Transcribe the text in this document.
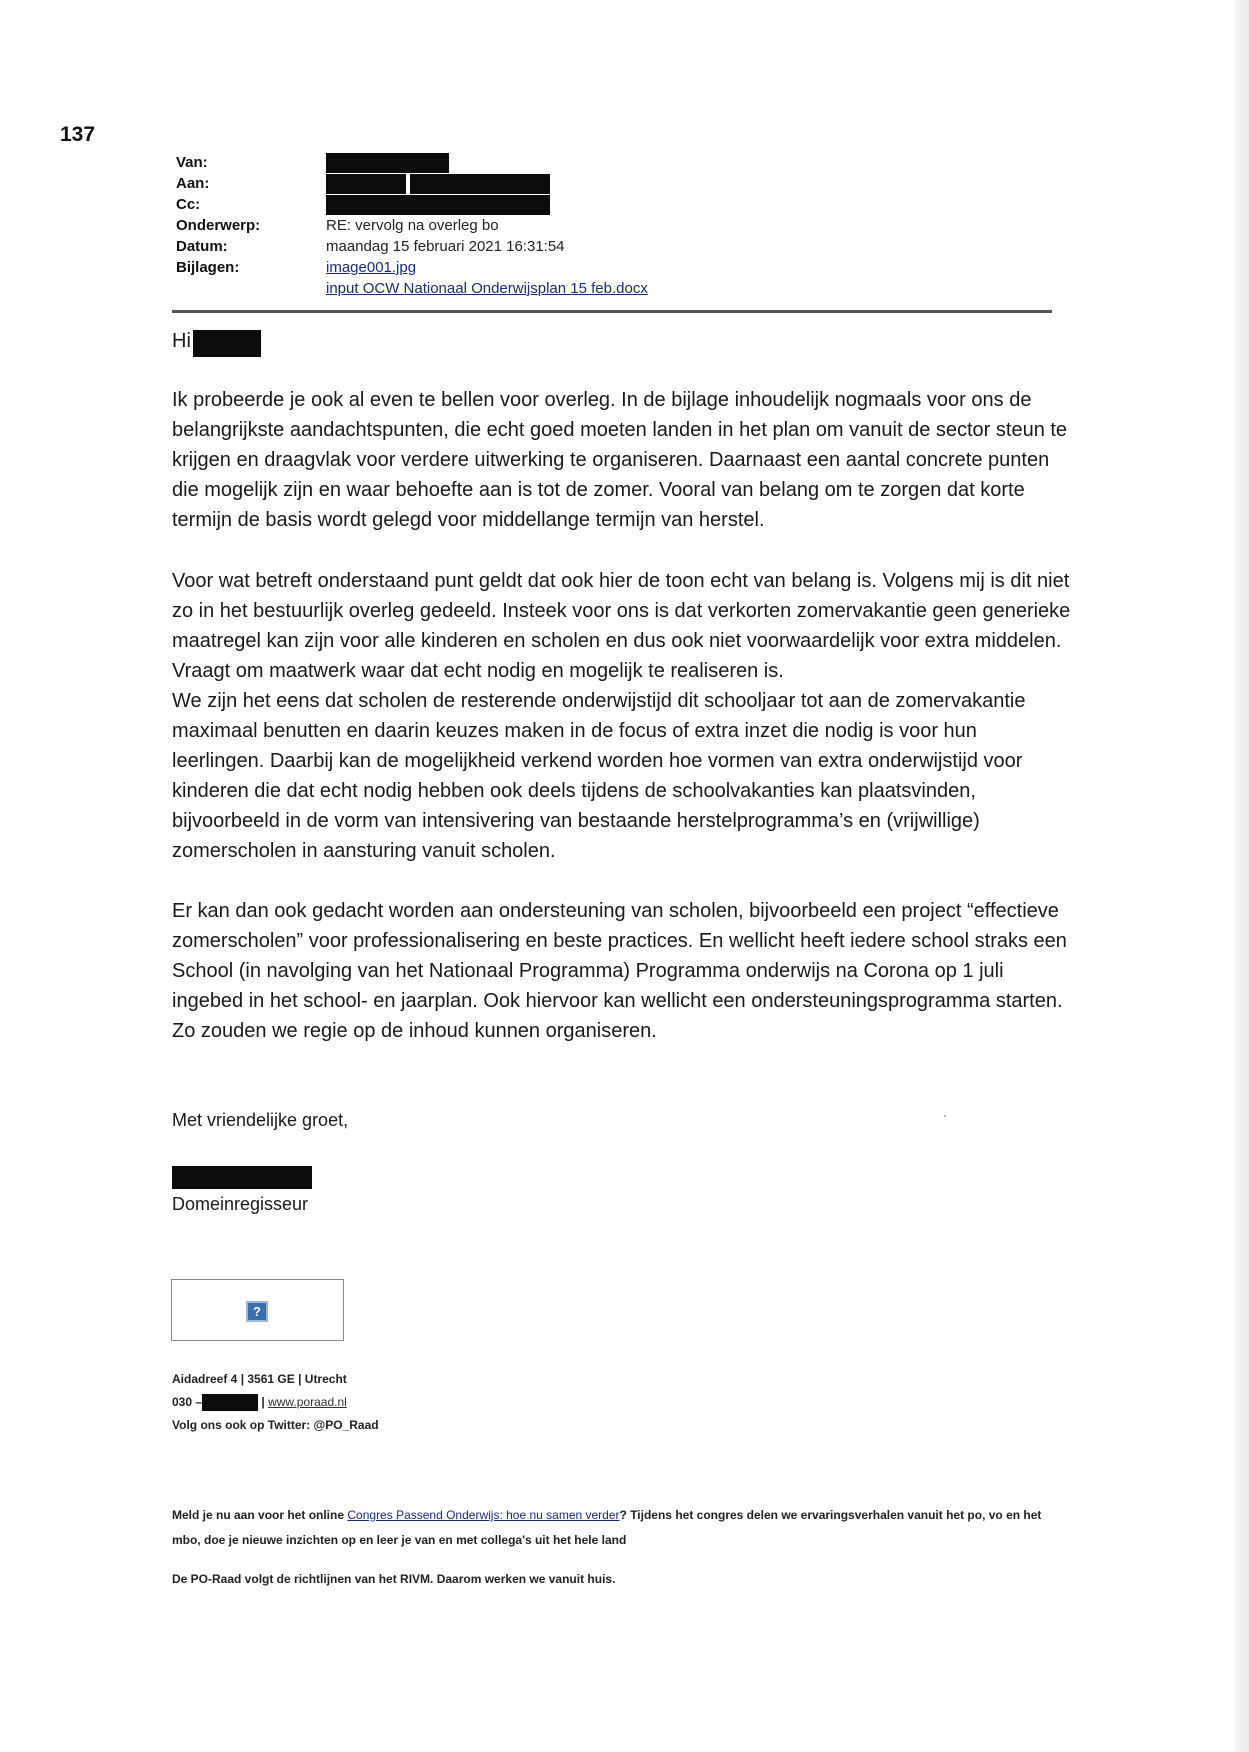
137
Van:
Aan:
Cc:
Onderwerp:	RE: vervolg na overleg bo
Datum:	maandag 15 februari 2021 16:31:54
Bijlagen:	image001.jpg
input OCW Nationaal Onderwijsplan 15 feb.docx
Hi

Ik probeerde je ook al even te bellen voor overleg. In de bijlage inhoudelijk nogmaals voor ons de belangrijkste aandachtspunten, die echt goed moeten landen in het plan om vanuit de sector steun te krijgen en draagvlak voor verdere uitwerking te organiseren. Daarnaast een aantal concrete punten die mogelijk zijn en waar behoefte aan is tot de zomer. Vooral van belang om te zorgen dat korte termijn de basis wordt gelegd voor middellange termijn van herstel.

Voor wat betreft onderstaand punt geldt dat ook hier de toon echt van belang is. Volgens mij is dit niet zo in het bestuurlijk overleg gedeeld. Insteek voor ons is dat verkorten zomervakantie geen generieke maatregel kan zijn voor alle kinderen en scholen en dus ook niet voorwaardelijk voor extra middelen. Vraagt om maatwerk waar dat echt nodig en mogelijk te realiseren is.

We zijn het eens dat scholen de resterende onderwijstijd dit schooljaar tot aan de zomervakantie maximaal benutten en daarin keuzes maken in de focus of extra inzet die nodig is voor hun leerlingen. Daarbij kan de mogelijkheid verkend worden hoe vormen van extra onderwijstijd voor kinderen die dat echt nodig hebben ook deels tijdens de schoolvakanties kan plaatsvinden, bijvoorbeeld in de vorm van intensivering van bestaande herstelprogramma’s en (vrijwillige) zomerscholen in aansturing vanuit scholen.

Er kan dan ook gedacht worden aan ondersteuning van scholen, bijvoorbeeld een project “effectieve zomerscholen” voor professionalisering en beste practices. En wellicht heeft iedere school straks een School (in navolging van het Nationaal Programma) Programma onderwijs na Corona op 1 juli ingebed in het school- en jaarplan. Ook hiervoor kan wellicht een ondersteuningsprogramma starten. Zo zouden we regie op de inhoud kunnen organiseren.

Met vriendelijke groet,
Domeinregisseur
?
Aidadreef 4 | 3561 GE | Utrecht
030 –	| www.poraad.nl
Volg ons ook op Twitter: @PO_Raad
Meld je nu aan voor het online Congres Passend Onderwijs: hoe nu samen verder? Tijdens het congres delen we ervaringsverhalen vanuit het po, vo en het mbo, doe je nieuwe inzichten op en leer je van en met collega's uit het hele land
De PO-Raad volgt de richtlijnen van het RIVM. Daarom werken we vanuit huis.
